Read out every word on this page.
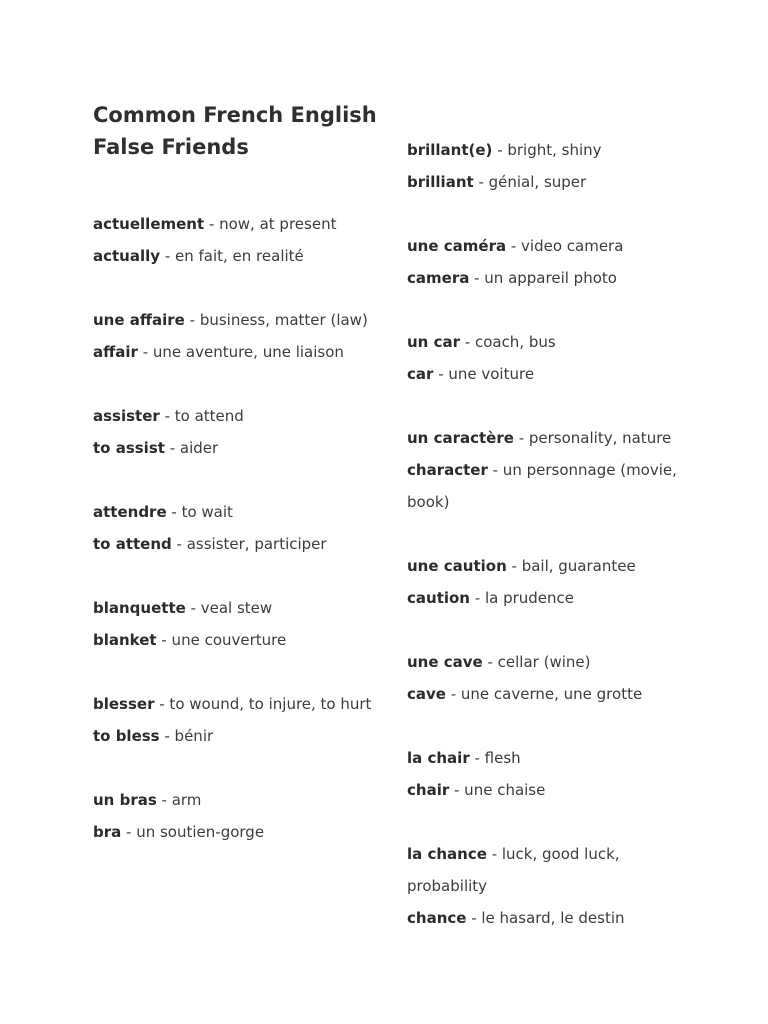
Common French English False Friends

actuellement - now, at present

actually - en fait, en realité

une affaire - business, matter (law)

affair - une aventure, une liaison

assister - to attend

to assist - aider

attendre - to wait

to attend - assister, participer

blanquette - veal stew

blanket - une couverture

blesser - to wound, to injure, to hurt

to bless - bénir

un bras - arm

bra - un soutien-gorge

brillant(e) - bright, shiny

brilliant - génial, super

une caméra - video camera

camera - un appareil photo

un car - coach, bus

car - une voiture

un caractère - personality, nature

character - un personnage (movie, book)

une caution - bail, guarantee

caution - la prudence

une cave - cellar (wine)

cave - une caverne, une grotte

la chair - flesh

chair - une chaise

la chance - luck, good luck, probability

chance - le hasard, le destin
